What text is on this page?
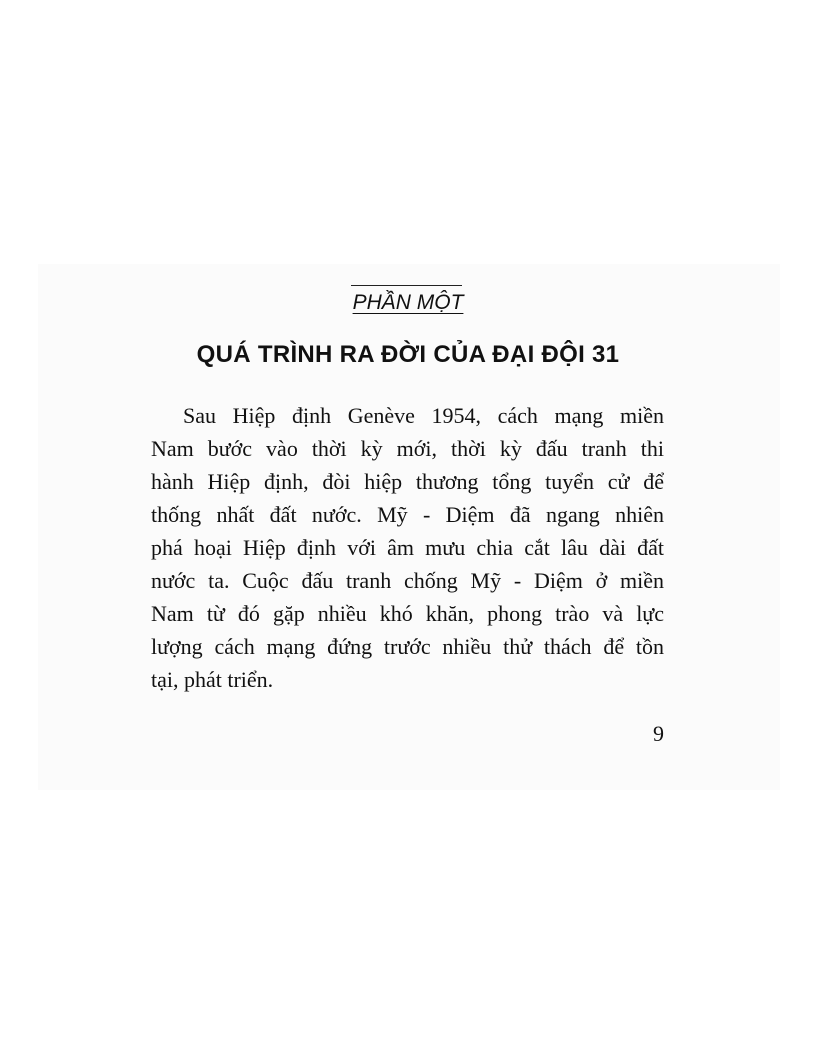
PHẦN MỘT
QUÁ TRÌNH RA ĐỜI CỦA ĐẠI ĐỘI 31

Sau Hiệp định Genève 1954, cách mạng miền
Nam bước vào thời kỳ mới, thời kỳ đấu tranh thi
hành Hiệp định, đòi hiệp thương tổng tuyển cử để
thống nhất đất nước. Mỹ - Diệm đã ngang nhiên
phá hoại Hiệp định với âm mưu chia cắt lâu dài đất
nước ta. Cuộc đấu tranh chống Mỹ - Diệm ở miền
Nam từ đó gặp nhiều khó khăn, phong trào và lực
lượng cách mạng đứng trước nhiều thử thách để tồn
tại, phát triển.

9
